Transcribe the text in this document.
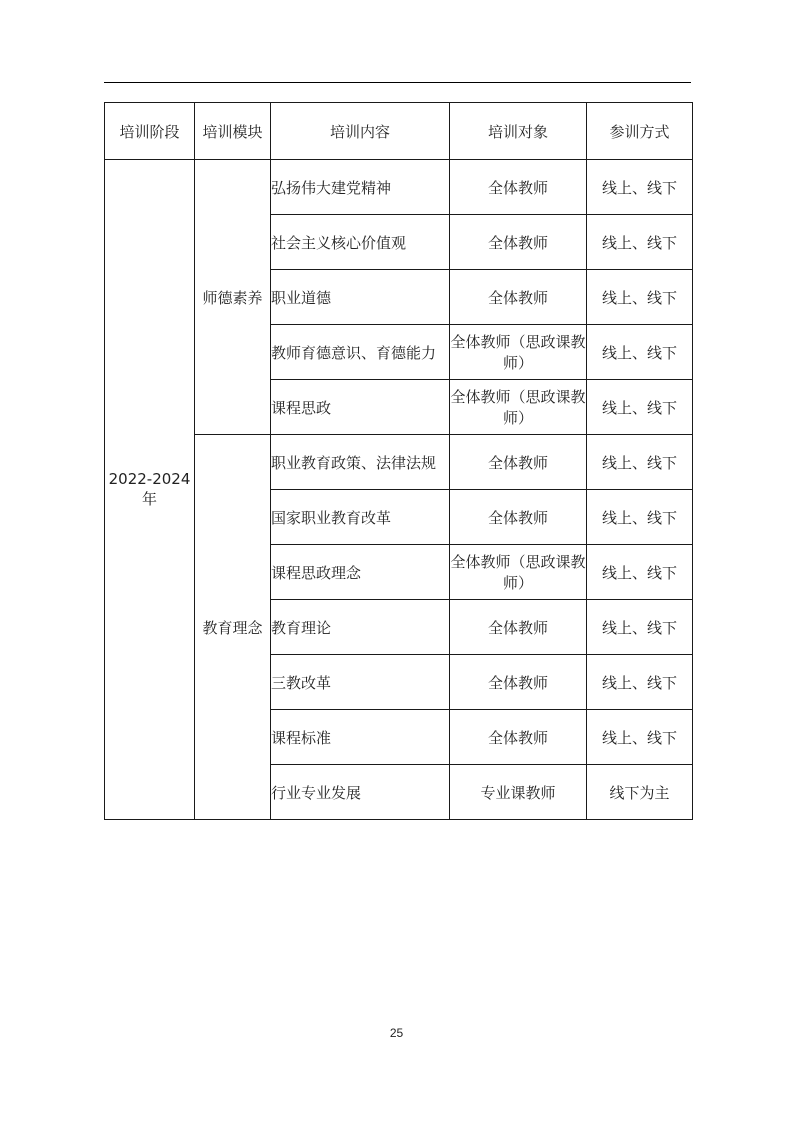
培训阶段	培训模块	培训内容	培训对象	参训方式
2022-2024年	师德素养	弘扬伟大建党精神	全体教师	线上、线下
		社会主义核心价值观	全体教师	线上、线下
		职业道德	全体教师	线上、线下
		教师育德意识、育德能力	全体教师（思政课教师）	线上、线下
		课程思政	全体教师（思政课教师）	线上、线下
	教育理念	职业教育政策、法律法规	全体教师	线上、线下
		国家职业教育改革	全体教师	线上、线下
		课程思政理念	全体教师（思政课教师）	线上、线下
		教育理论	全体教师	线上、线下
		三教改革	全体教师	线上、线下
		课程标准	全体教师	线上、线下
		行业专业发展	专业课教师	线下为主
25
